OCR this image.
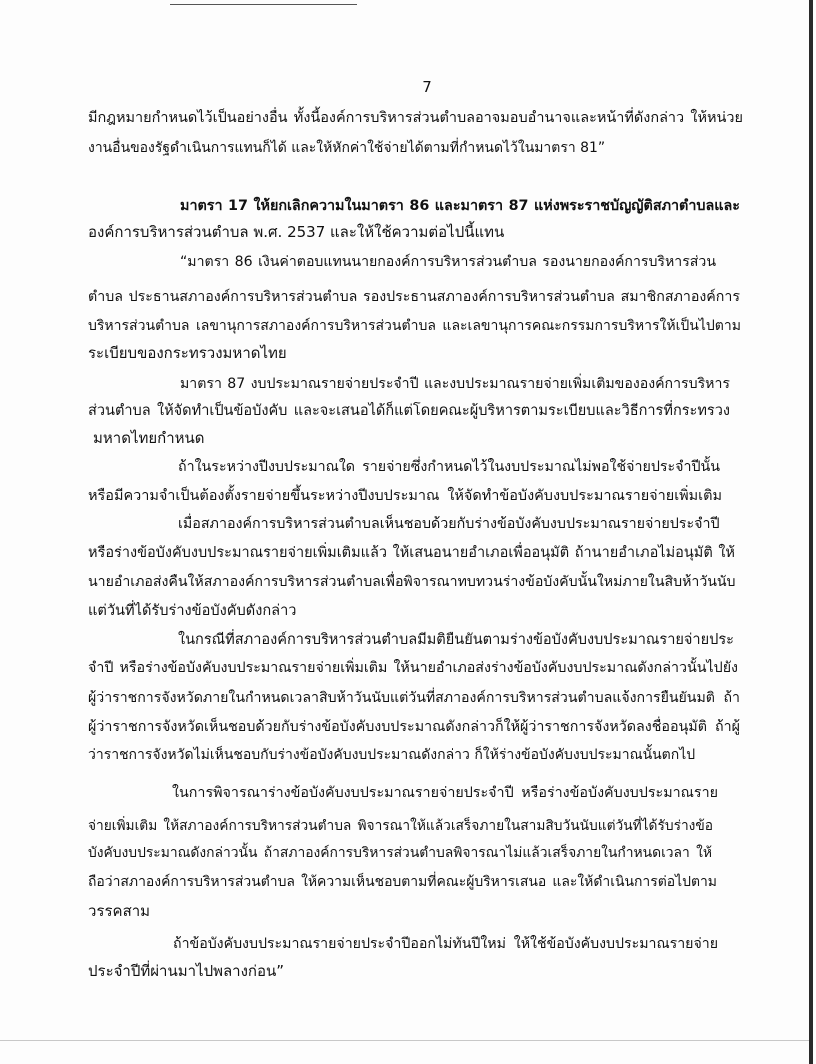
7
มีกฎหมายกำหนดไว้เป็นอย่างอื่น ทั้งนี้องค์การบริหารส่วนตำบลอาจมอบอำนาจและหน้าที่ดังกล่าว ให้หน่วย
งานอื่นของรัฐดำเนินการแทนก็ได้ และให้หักค่าใช้จ่ายได้ตามที่กำหนดไว้ในมาตรา 81”
มาตรา 17 ให้ยกเลิกความในมาตรา 86 และมาตรา 87 แห่งพระราชบัญญัติสภาตำบลและ
องค์การบริหารส่วนตำบล พ.ศ. 2537 และให้ใช้ความต่อไปนี้แทน
“มาตรา 86 เงินค่าตอบแทนนายกองค์การบริหารส่วนตำบล รองนายกองค์การบริหารส่วน
ตำบล ประธานสภาองค์การบริหารส่วนตำบล รองประธานสภาองค์การบริหารส่วนตำบล สมาชิกสภาองค์การ
บริหารส่วนตำบล เลขานุการสภาองค์การบริหารส่วนตำบล และเลขานุการคณะกรรมการบริหารให้เป็นไปตาม
ระเบียบของกระทรวงมหาดไทย
มาตรา 87 งบประมาณรายจ่ายประจำปี และงบประมาณรายจ่ายเพิ่มเติมขององค์การบริหาร
ส่วนตำบล ให้จัดทำเป็นข้อบังคับ และจะเสนอได้ก็แต่โดยคณะผู้บริหารตามระเบียบและวิธีการที่กระทรวง
มหาดไทยกำหนด
ถ้าในระหว่างปีงบประมาณใด รายจ่ายซึ่งกำหนดไว้ในงบประมาณไม่พอใช้จ่ายประจำปีนั้น
หรือมีความจำเป็นต้องตั้งรายจ่ายขึ้นระหว่างปีงบประมาณ ให้จัดทำข้อบังคับงบประมาณรายจ่ายเพิ่มเติม
เมื่อสภาองค์การบริหารส่วนตำบลเห็นชอบด้วยกับร่างข้อบังคับงบประมาณรายจ่ายประจำปี
หรือร่างข้อบังคับงบประมาณรายจ่ายเพิ่มเติมแล้ว ให้เสนอนายอำเภอเพื่ออนุมัติ ถ้านายอำเภอไม่อนุมัติ ให้
นายอำเภอส่งคืนให้สภาองค์การบริหารส่วนตำบลเพื่อพิจารณาทบทวนร่างข้อบังคับนั้นใหม่ภายในสิบห้าวันนับ
แต่วันที่ได้รับร่างข้อบังคับดังกล่าว
ในกรณีที่สภาองค์การบริหารส่วนตำบลมีมติยืนยันตามร่างข้อบังคับงบประมาณรายจ่ายประ
จำปี หรือร่างข้อบังคับงบประมาณรายจ่ายเพิ่มเติม ให้นายอำเภอส่งร่างข้อบังคับงบประมาณดังกล่าวนั้นไปยัง
ผู้ว่าราชการจังหวัดภายในกำหนดเวลาสิบห้าวันนับแต่วันที่สภาองค์การบริหารส่วนตำบลแจ้งการยืนยันมติ ถ้า
ผู้ว่าราชการจังหวัดเห็นชอบด้วยกับร่างข้อบังคับงบประมาณดังกล่าวก็ให้ผู้ว่าราชการจังหวัดลงชื่ออนุมัติ ถ้าผู้
ว่าราชการจังหวัดไม่เห็นชอบกับร่างข้อบังคับงบประมาณดังกล่าว ก็ให้ร่างข้อบังคับงบประมาณนั้นตกไป
ในการพิจารณาร่างข้อบังคับงบประมาณรายจ่ายประจำปี หรือร่างข้อบังคับงบประมาณราย
จ่ายเพิ่มเติม ให้สภาองค์การบริหารส่วนตำบล พิจารณาให้แล้วเสร็จภายในสามสิบวันนับแต่วันที่ได้รับร่างข้อ
บังคับงบประมาณดังกล่าวนั้น ถ้าสภาองค์การบริหารส่วนตำบลพิจารณาไม่แล้วเสร็จภายในกำหนดเวลา ให้
ถือว่าสภาองค์การบริหารส่วนตำบล ให้ความเห็นชอบตามที่คณะผู้บริหารเสนอ และให้ดำเนินการต่อไปตาม
วรรคสาม
ถ้าข้อบังคับงบประมาณรายจ่ายประจำปีออกไม่ทันปีใหม่ ให้ใช้ข้อบังคับงบประมาณรายจ่าย
ประจำปีที่ผ่านมาไปพลางก่อน”
